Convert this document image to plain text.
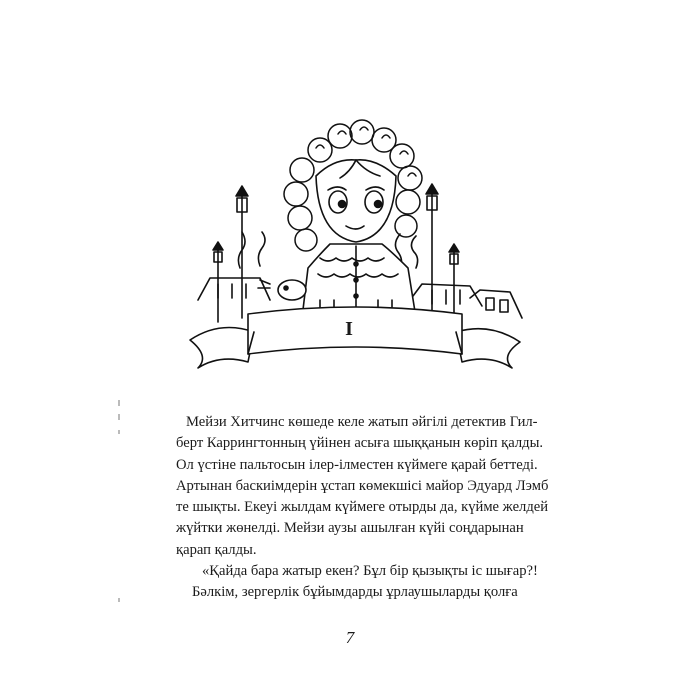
I

Мейзи Хитчинс көшеде келе жатып әйгілі детектив Гил-
берт Каррингтонның үйінен асыға шыққанын көріп қалды.
Ол үстіне пальтосын ілер-ілместен күймеге қарай беттеді.
Артынан баскиімдерін ұстап көмекшісі майор Эдуард Лэмб
те шықты. Екеуі жылдам күймеге отырды да, күйме желдей
жүйтки жөнелді. Мейзи аузы ашылған күйі соңдарынан
қарап қалды.

«Қайда бара жатыр екен? Бұл бір қызықты іс шығар?!
Бәлкім, зергерлік бұйымдарды ұрлаушыларды қолға

7
